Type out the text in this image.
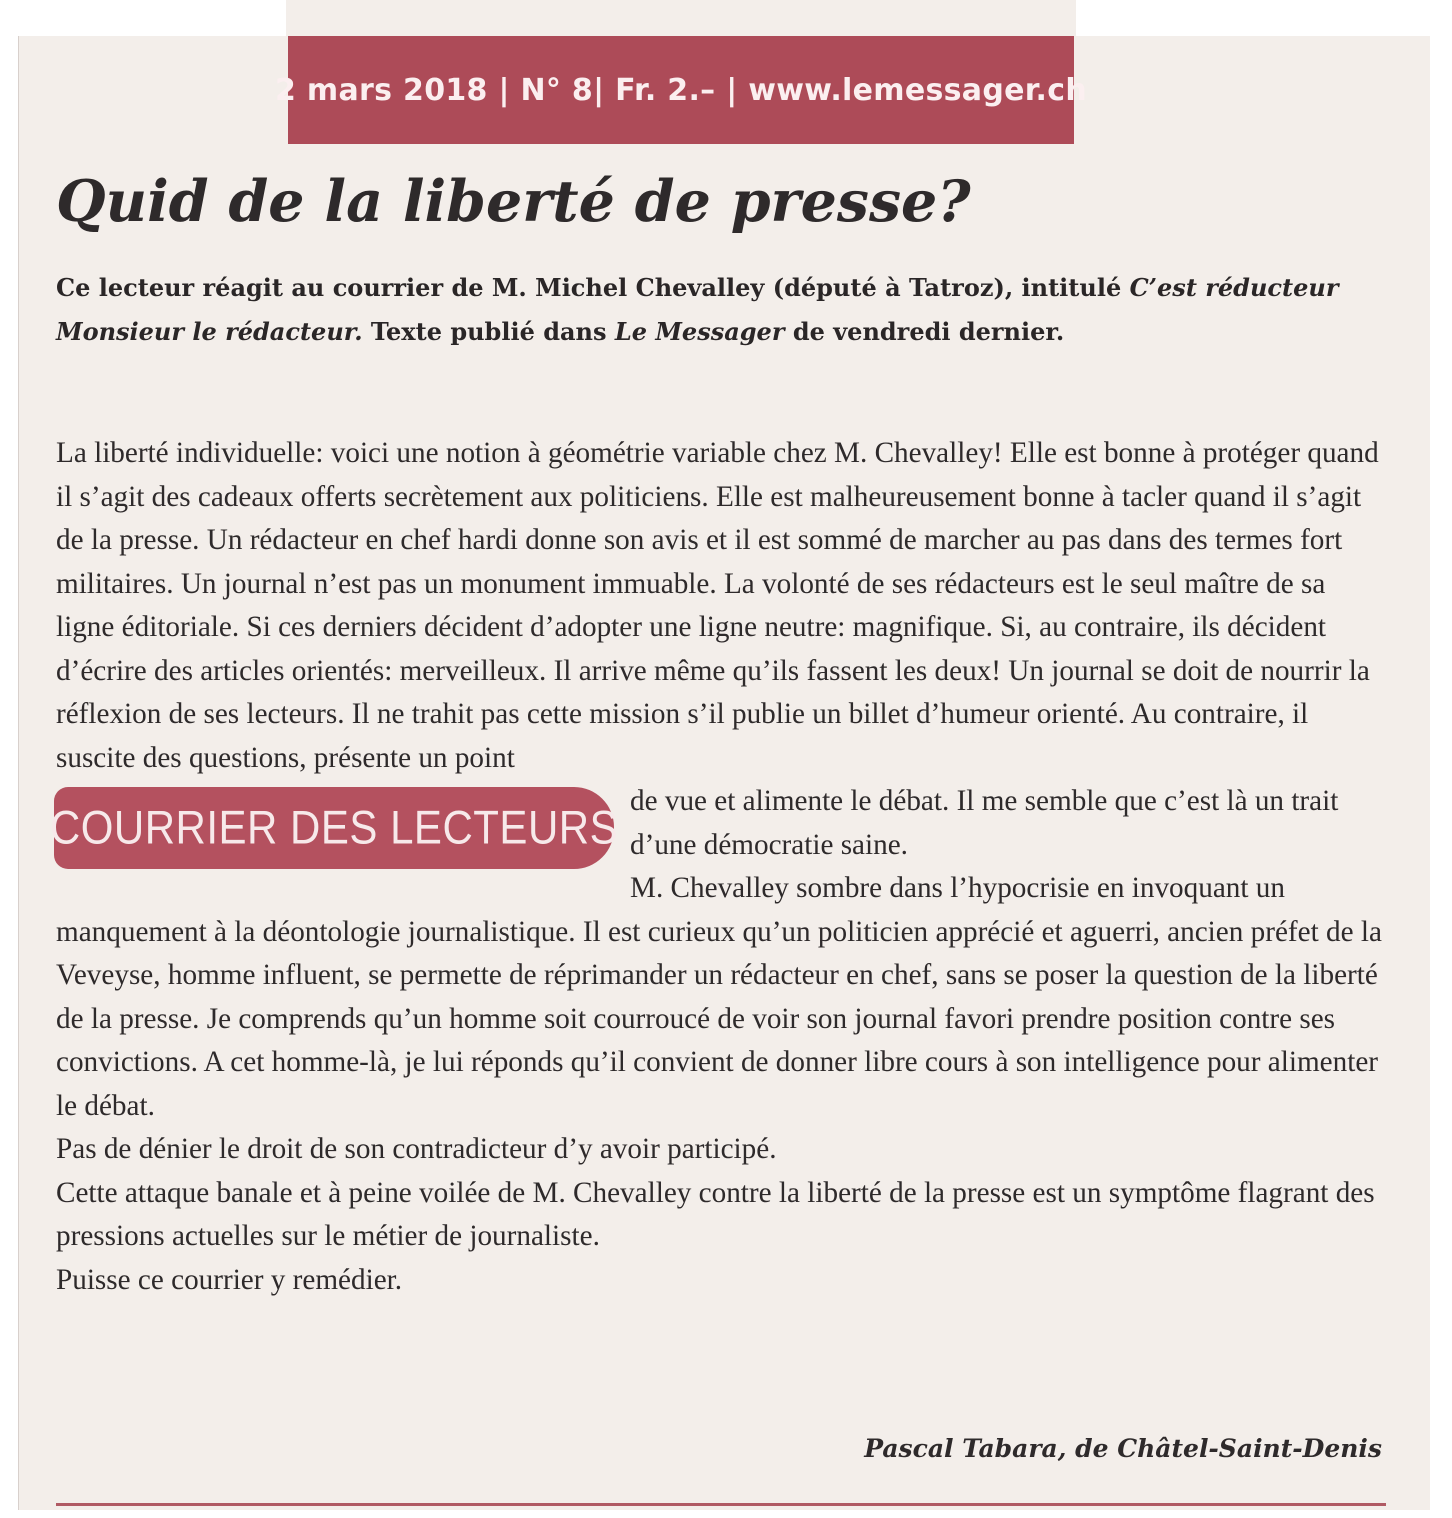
2 mars 2018 | N° 8| Fr. 2.– | www.lemessager.ch
Quid de la liberté de presse?

Ce lecteur réagit au courrier de M. Michel Chevalley (député à Tatroz), intitulé C’est réducteur Monsieur le rédacteur. Texte publié dans Le Messager de vendredi dernier.

La liberté individuelle: voici une notion à géométrie variable chez M. Chevalley! Elle est bonne à protéger quand il s’agit des cadeaux offerts secrètement aux politiciens. Elle est malheureusement bonne à tacler quand il s’agit de la presse. Un rédacteur en chef hardi donne son avis et il est sommé de marcher au pas dans des termes fort militaires. Un journal n’est pas un monument immuable. La volonté de ses rédacteurs est le seul maître de sa ligne éditoriale. Si ces derniers décident d’adopter une ligne neutre: magnifique. Si, au contraire, ils décident d’écrire des articles orientés: merveilleux. Il arrive même qu’ils fassent les deux! Un journal se doit de nourrir la réflexion de ses lecteurs. Il ne trahit pas cette mission s’il publie un billet d’humeur orienté. Au contraire, il suscite des questions, présente un point

COURRIER DES LECTEURS

de vue et alimente le débat. Il me semble que c’est là un trait d’une démocratie saine.

M. Chevalley sombre dans l’hypocrisie en invoquant un manquement à la déontologie journalistique. Il est curieux qu’un politicien apprécié et aguerri, ancien préfet de la Veveyse, homme influent, se permette de réprimander un rédacteur en chef, sans se poser la question de la liberté de la presse. Je comprends qu’un homme soit courroucé de voir son journal favori prendre position contre ses convictions. A cet homme-là, je lui réponds qu’il convient de donner libre cours à son intelligence pour alimenter le débat.

Pas de dénier le droit de son contradicteur d’y avoir participé.

Cette attaque banale et à peine voilée de M. Chevalley contre la liberté de la presse est un symptôme flagrant des pressions actuelles sur le métier de journaliste.

Puisse ce courrier y remédier.

Pascal Tabara, de Châtel-Saint-Denis
